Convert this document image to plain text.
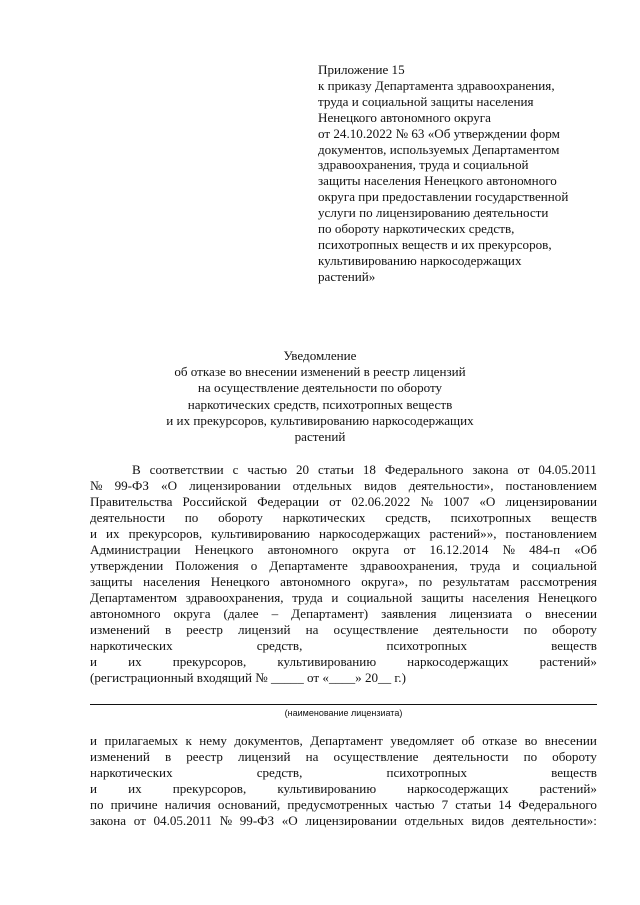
Приложение 15
к приказу Департамента здравоохранения,
труда и социальной защиты населения
Ненецкого автономного округа
от 24.10.2022 № 63 «Об утверждении форм
документов, используемых Департаментом
здравоохранения, труда и социальной
защиты населения Ненецкого автономного
округа при предоставлении государственной
услуги по лицензированию деятельности
по обороту наркотических средств,
психотропных веществ и их прекурсоров,
культивированию наркосодержащих
растений»
Уведомление
об отказе во внесении изменений в реестр лицензий
на осуществление деятельности по обороту
наркотических средств, психотропных веществ
и их прекурсоров, культивированию наркосодержащих
растений
В соответствии с частью 20 статьи 18 Федерального закона от 04.05.2011
№ 99-ФЗ «О лицензировании отдельных видов деятельности», постановлением
Правительства Российской Федерации от 02.06.2022 № 1007 «О лицензировании
деятельности по обороту наркотических средств, психотропных веществ
и их прекурсоров, культивированию наркосодержащих растений»», постановлением
Администрации Ненецкого автономного округа от 16.12.2014 № 484-п «Об
утверждении Положения о Департаменте здравоохранения, труда и социальной
защиты населения Ненецкого автономного округа», по результатам рассмотрения
Департаментом здравоохранения, труда и социальной защиты населения Ненецкого
автономного округа (далее – Департамент) заявления лицензиата о внесении
изменений в реестр лицензий на осуществление деятельности по обороту
наркотических	средств,	психотропных	веществ
и их прекурсоров, культивированию наркосодержащих растений»
(регистрационный входящий № _____ от «____» 20__ г.)
(наименование лицензиата)
и прилагаемых к нему документов, Департамент уведомляет об отказе во внесении
изменений в реестр лицензий на осуществление деятельности по обороту
наркотических	средств,	психотропных	веществ
и их прекурсоров, культивированию наркосодержащих растений»
по причине наличия оснований, предусмотренных частью 7 статьи 14 Федерального
закона от 04.05.2011 № 99-ФЗ «О лицензировании отдельных видов деятельности»:
